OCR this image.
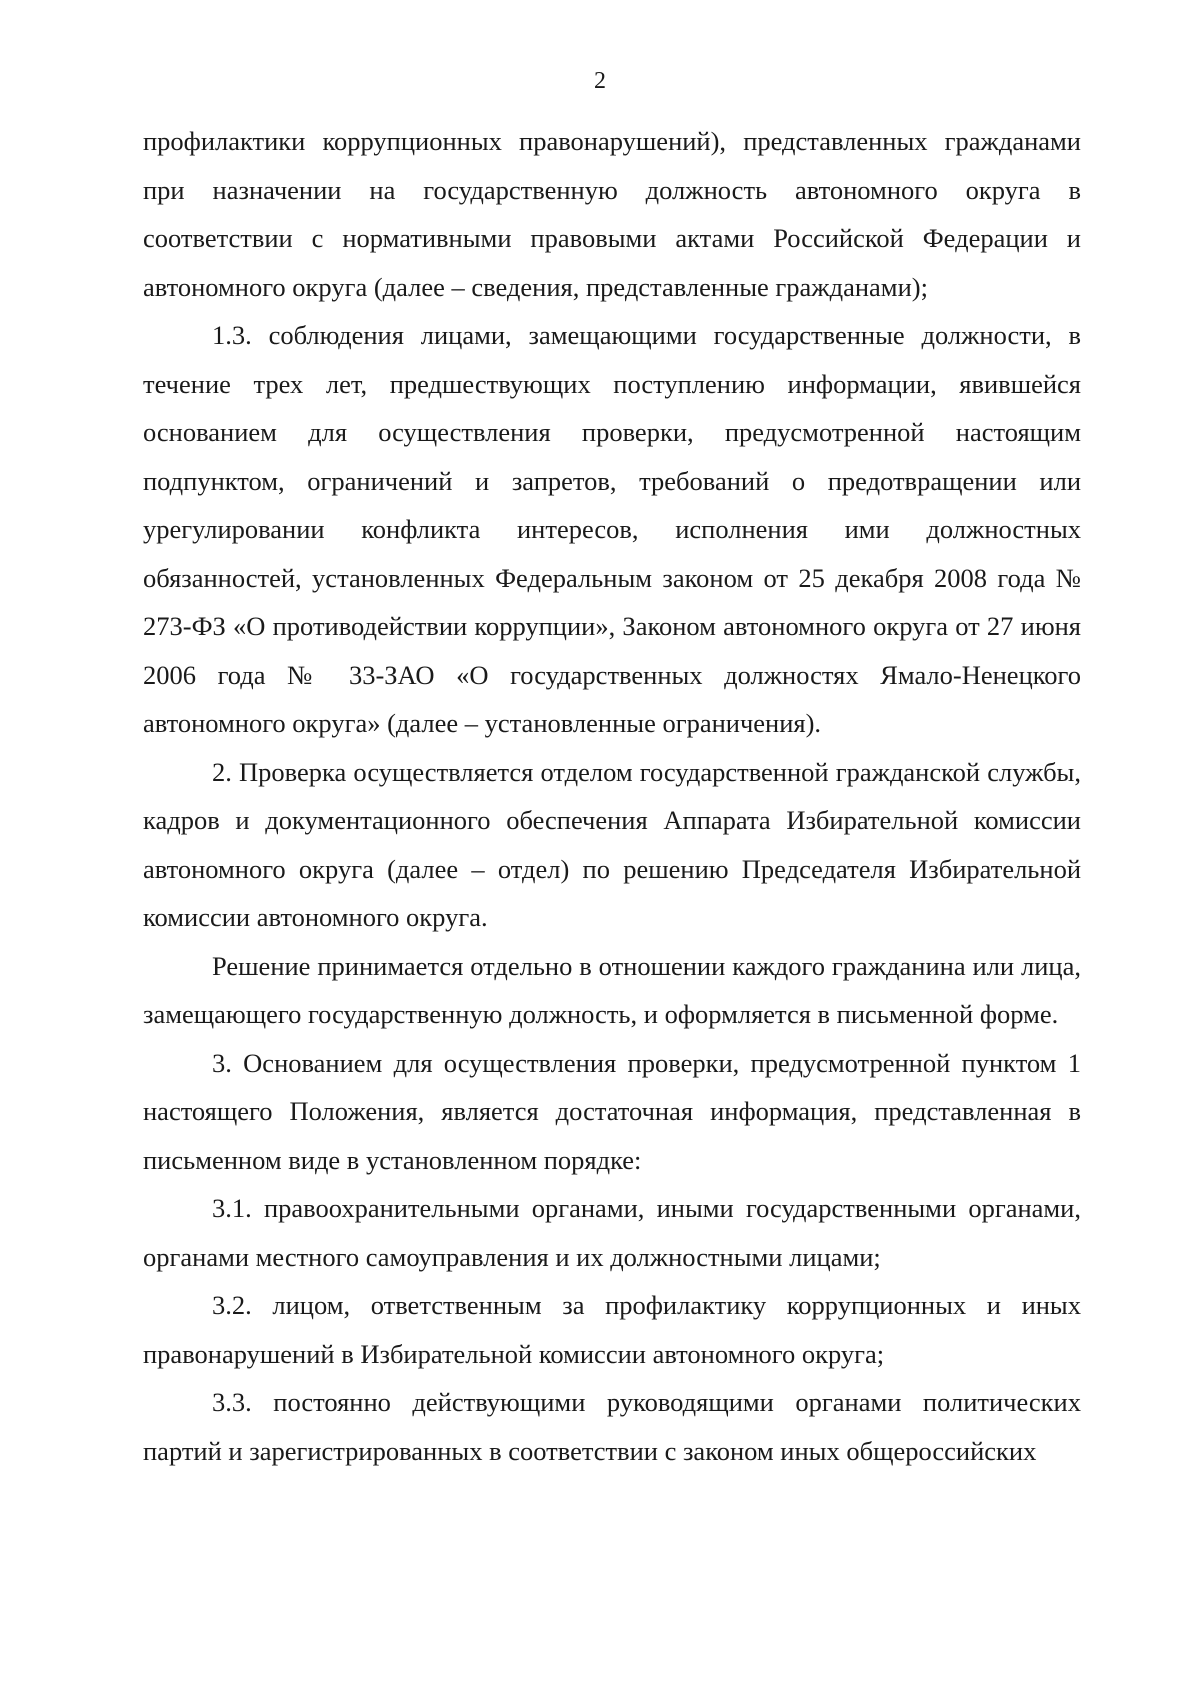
2

профилактики коррупционных правонарушений), представленных гражданами при назначении на государственную должность автономного округа в соответствии с нормативными правовыми актами Российской Федерации и автономного округа (далее – сведения, представленные гражданами);

1.3. соблюдения лицами, замещающими государственные должности, в течение трех лет, предшествующих поступлению информации, явившейся основанием для осуществления проверки, предусмотренной настоящим подпунктом, ограничений и запретов, требований о предотвращении или урегулировании конфликта интересов, исполнения ими должностных обязанностей, установленных Федеральным законом от 25 декабря 2008 года № 273-ФЗ «О противодействии коррупции», Законом автономного округа от 27 июня 2006 года № 33-ЗАО «О государственных должностях Ямало-Ненецкого автономного округа» (далее – установленные ограничения).

2. Проверка осуществляется отделом государственной гражданской службы, кадров и документационного обеспечения Аппарата Избирательной комиссии автономного округа (далее – отдел) по решению Председателя Избирательной комиссии автономного округа.

Решение принимается отдельно в отношении каждого гражданина или лица, замещающего государственную должность, и оформляется в письменной форме.

3. Основанием для осуществления проверки, предусмотренной пунктом 1 настоящего Положения, является достаточная информация, представленная в письменном виде в установленном порядке:

3.1. правоохранительными органами, иными государственными органами, органами местного самоуправления и их должностными лицами;

3.2. лицом, ответственным за профилактику коррупционных и иных правонарушений в Избирательной комиссии автономного округа;

3.3. постоянно действующими руководящими органами политических партий и зарегистрированных в соответствии с законом иных общероссийских
